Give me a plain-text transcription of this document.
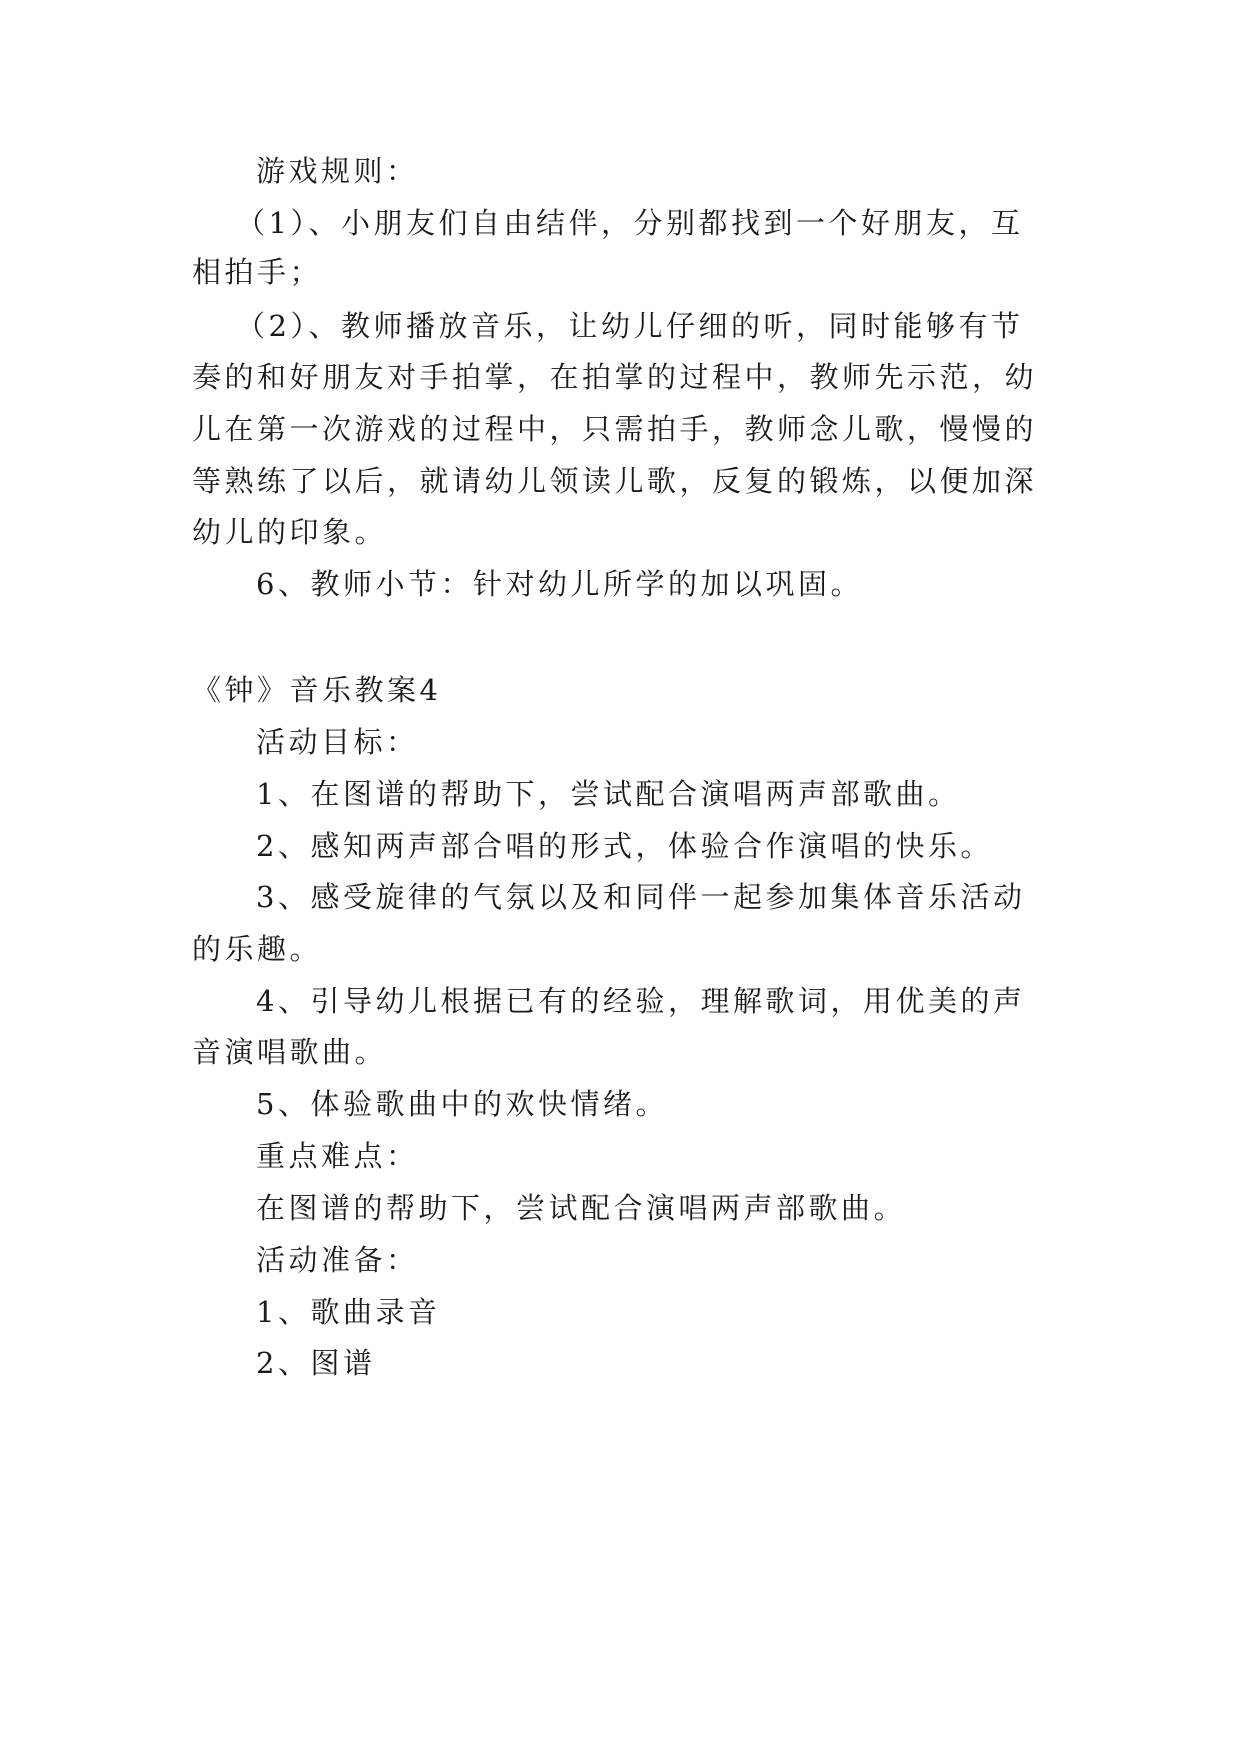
游戏规则：
（1）、小朋友们自由结伴，分别都找到一个好朋友，互
相拍手；
（2）、教师播放音乐，让幼儿仔细的听，同时能够有节
奏的和好朋友对手拍掌，在拍掌的过程中，教师先示范，幼
儿在第一次游戏的过程中，只需拍手，教师念儿歌，慢慢的
等熟练了以后，就请幼儿领读儿歌，反复的锻炼，以便加深
幼儿的印象。
6、教师小节：针对幼儿所学的加以巩固。
《钟》音乐教案4
活动目标：
1、在图谱的帮助下，尝试配合演唱两声部歌曲。
2、感知两声部合唱的形式，体验合作演唱的快乐。
3、感受旋律的气氛以及和同伴一起参加集体音乐活动
的乐趣。
4、引导幼儿根据已有的经验，理解歌词，用优美的声
音演唱歌曲。
5、体验歌曲中的欢快情绪。
重点难点：
在图谱的帮助下，尝试配合演唱两声部歌曲。
活动准备：
1、歌曲录音
2、图谱
